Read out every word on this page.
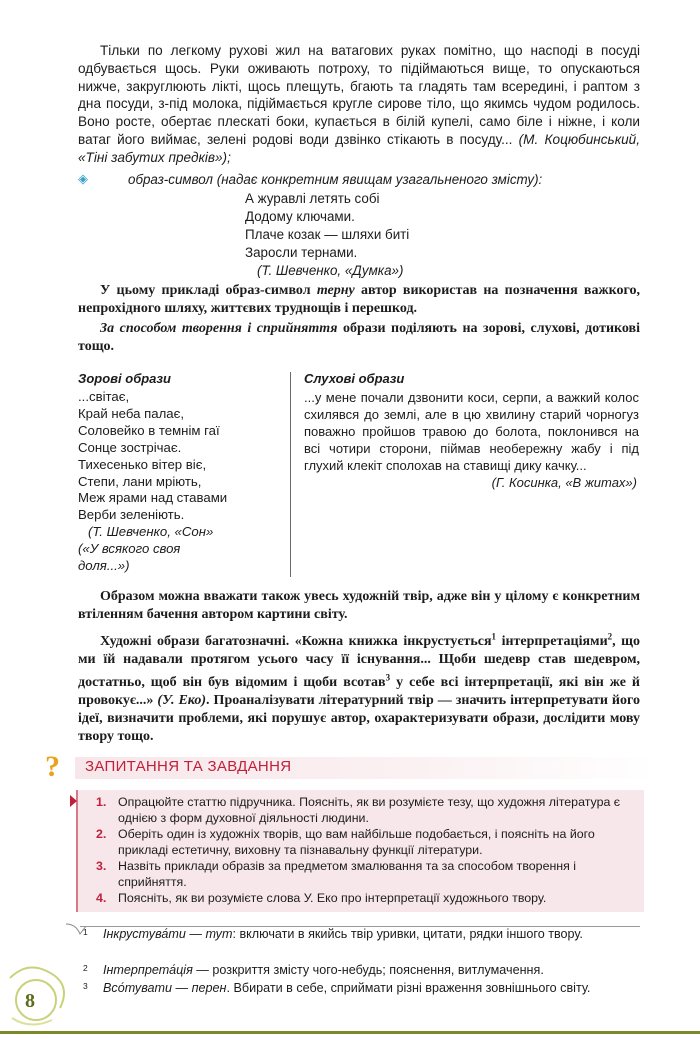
Тільки по легкому рухові жил на ватагових руках помітно, що насподі в посуді одбувається щось. Руки оживають потроху, то підіймаються вище, то опускаються нижче, закруглюють лікті, щось плещуть, бгають та гладять там всередині, і раптом з дна посуди, з-під молока, підіймається кругле сирове тіло, що якимсь чудом родилось. Воно росте, обертає плескаті боки, купається в білій купелі, само біле і ніжне, і коли ватаг його виймає, зелені родові води дзвінко стікають в посуду... (М. Коцюбинський, «Тіні забутих предків»);

◈	образ-символ (надає конкретним явищам узагальненого змісту):
А журавлі летять собі
Додому ключами.
Плаче козак — шляхи биті
Заросли тернами.
(Т. Шевченко, «Думка»)

У цьому прикладі образ-символ терну автор використав на позначення важкого, непрохідного шляху, життєвих труднощів і перешкод.

За способом творення і сприйняття образи поділяють на зорові, слухові, дотикові тощо.

Зорові образи
...світає,
Край неба палає,
Соловейко в темнім гаї
Сонце зострічає.
Тихесенько вітер віє,
Степи, лани мріють,
Меж ярами над ставами
Верби зеленіють.
(Т. Шевченко, «Сон»
(«У всякого своя
доля...»)
Слухові образи
...у мене почали дзвонити коси, серпи, а важкий колос схилявся до землі, але в цю хвилину старий чорногуз поважно пройшов травою до болота, поклонився на всі чотири сторони, піймав необережну жабу і під глухий клекіт сполохав на ставищі дику качку...
(Г. Косинка, «В житах»)

Образом можна вважати також увесь художній твір, адже він у цілому є конкретним втіленням бачення автором картини світу.

Художні образи багатозначні. «Кожна книжка інкрустується$^1$ інтерпретаціями$^2$, що ми їй надавали протягом усього часу її існування... Щоби шедевр став шедевром, достатньо, щоб він був відомим і щоби всотав$^3$ у себе всі інтерпретації, які він же й провокує...» (У. Еко). Проаналізувати літературний твір — значить інтерпретувати його ідеї, визначити проблеми, які порушує автор, охарактеризувати образи, дослідити мову твору тощо.

? ЗАПИТАННЯ ТА ЗАВДАННЯ
1. Опрацюйте статтю підручника. Поясніть, як ви розумієте тезу, що художня література є однією з форм духовної діяльності людини.
2. Оберіть один із художніх творів, що вам найбільше подобається, і поясніть на його прикладі естетичну, виховну та пізнавальну функції літератури.
3. Назвіть приклади образів за предметом змалювання та за способом творення і сприйняття.
4. Поясніть, як ви розумієте слова У. Еко про інтерпретації художнього твору.
1 Інкрустува́ти — тут: включати в якийсь твір уривки, цитати, рядки іншого твору.
2 Інтерпрета́ція — розкриття змісту чого-небудь; пояснення, витлумачення.
3 Всо́тувати — перен. Вбирати в себе, сприймати різні враження зовнішнього світу.
8
